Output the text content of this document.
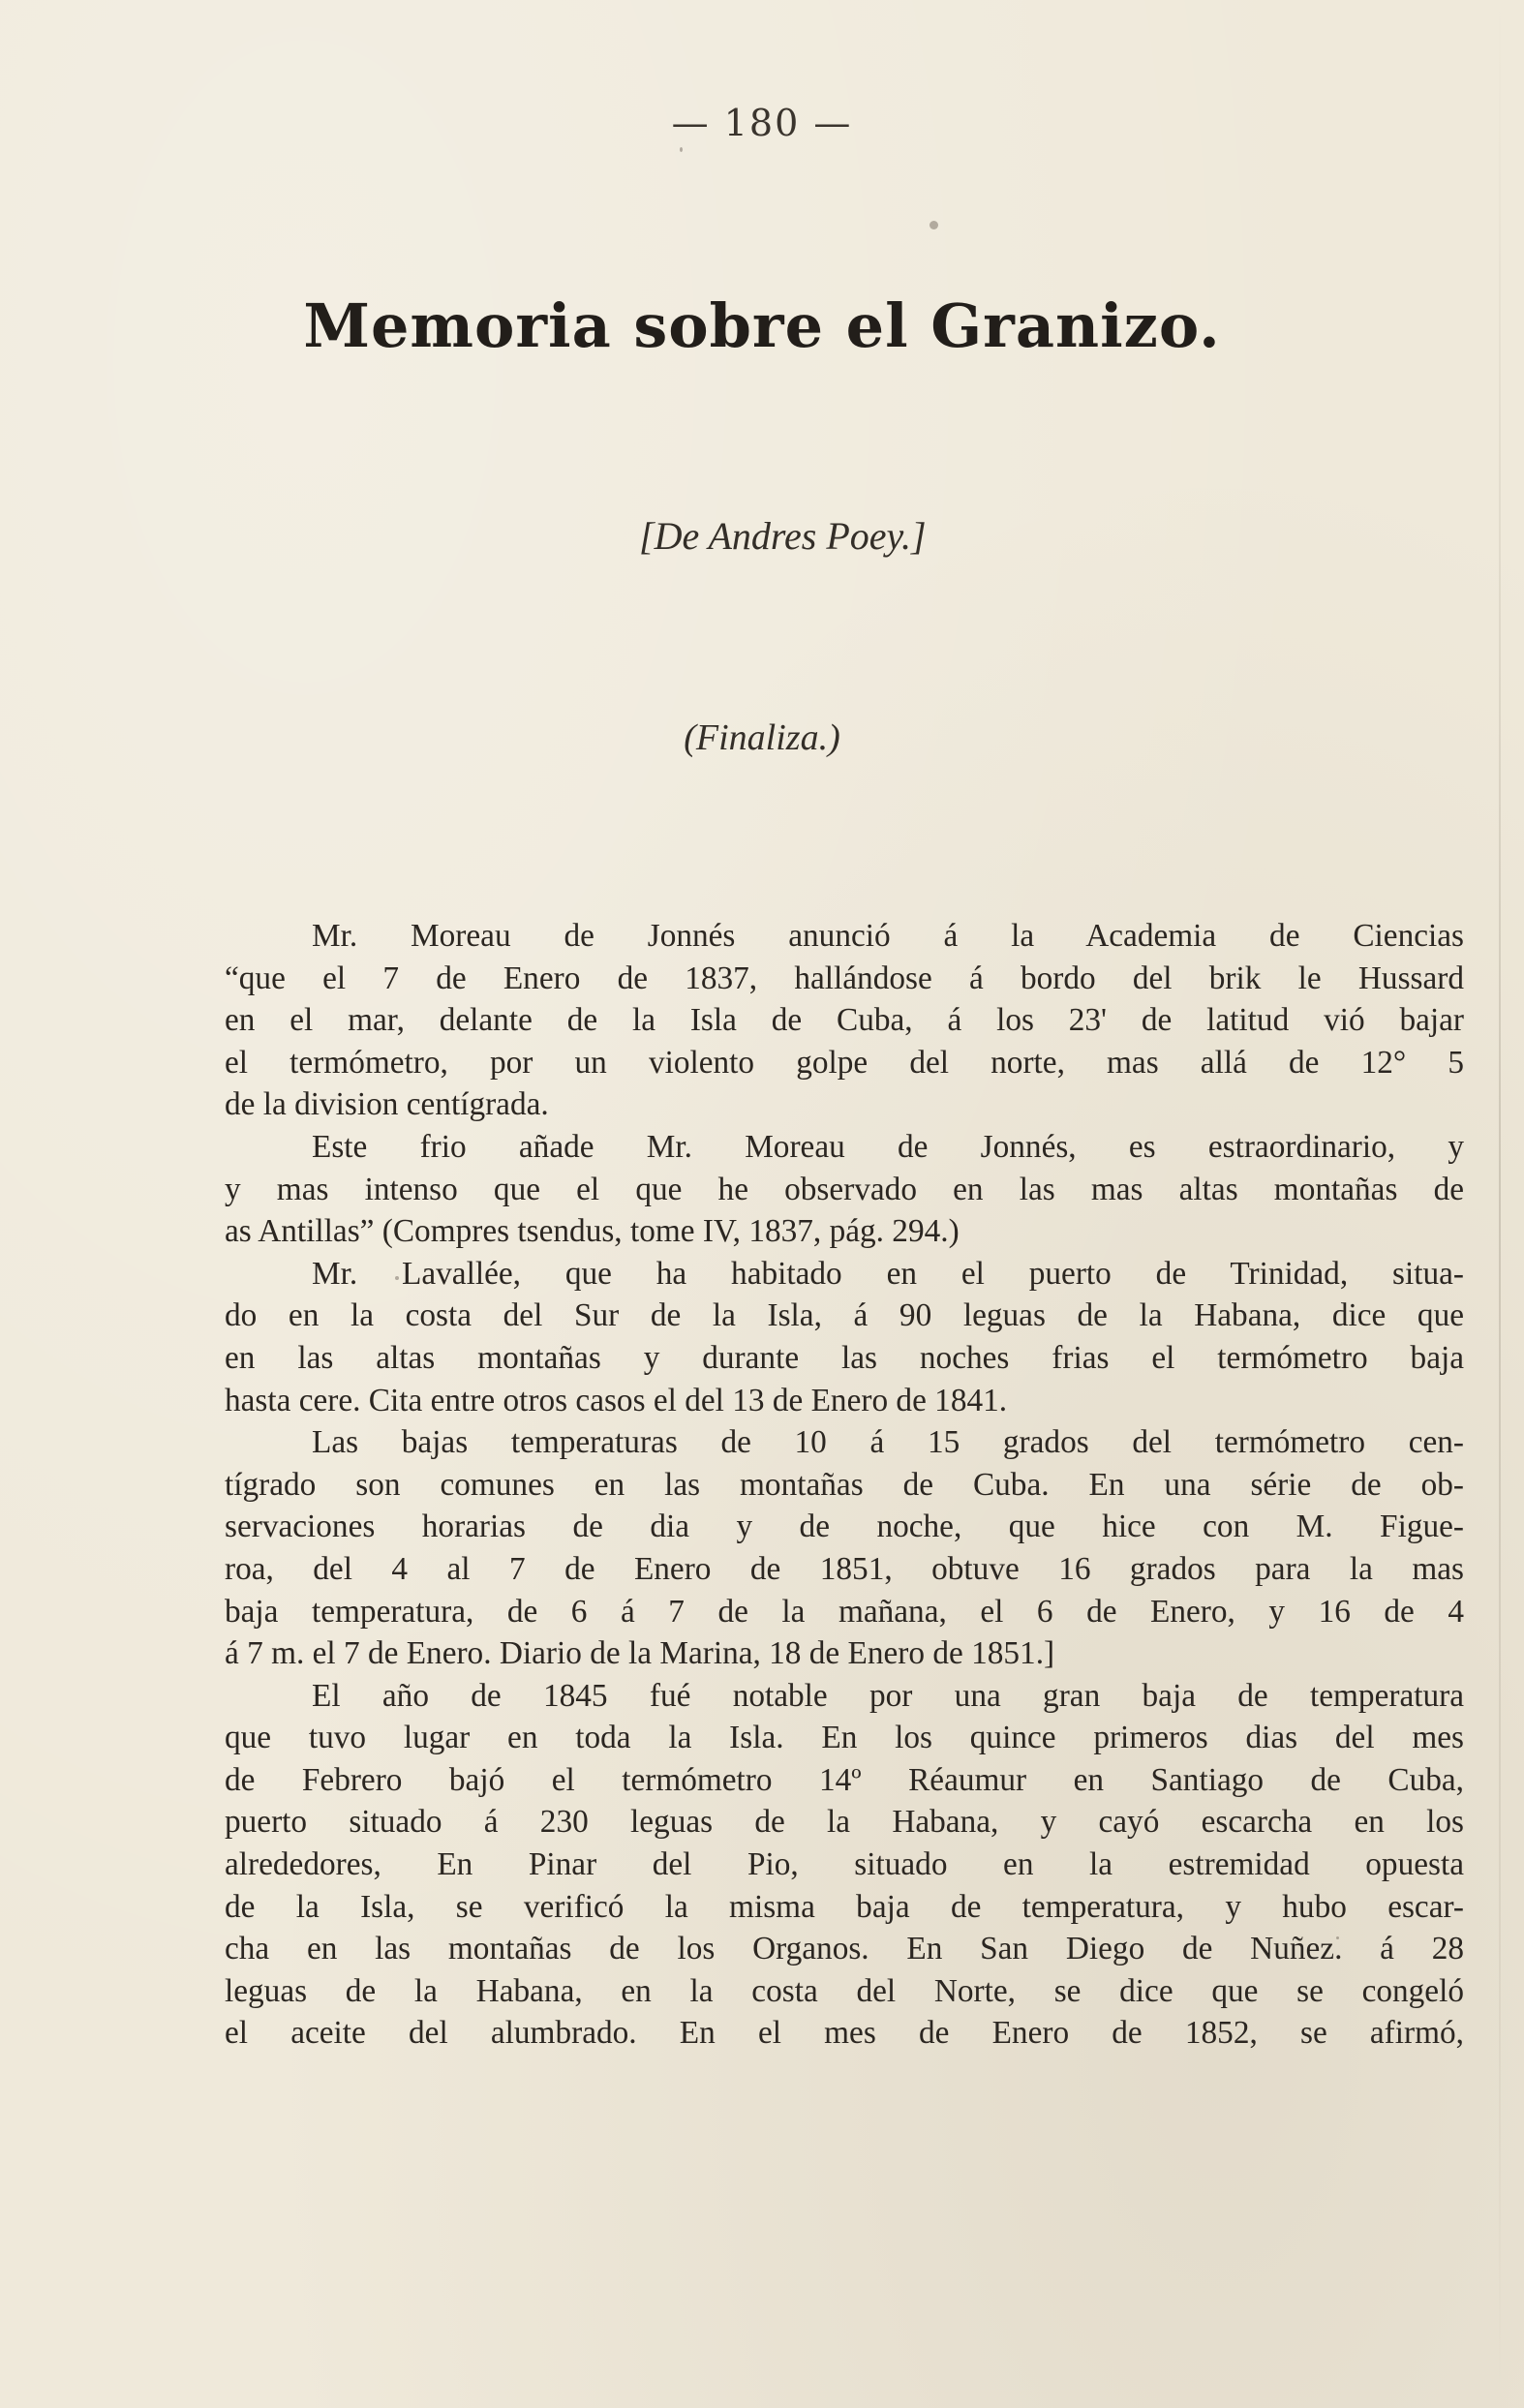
— 180 —
Memoria sobre el Granizo.
[De Andres Poey.]
(Finaliza.)
Mr. Moreau de Jonnés anunció á la Academia de Ciencias
“que el 7 de Enero de 1837, hallándose á bordo del brik le Hussard
en el mar, delante de la Isla de Cuba, á los 23' de latitud vió bajar
el termómetro, por un violento golpe del norte, mas allá de 12° 5
de la division centígrada.
Este frio añade Mr. Moreau de Jonnés, es estraordinario, y
y mas intenso que el que he observado en las mas altas montañas de
as Antillas” (Compres tsendus, tome IV, 1837, pág. 294.)
Mr. Lavallée, que ha habitado en el puerto de Trinidad, situa-
do en la costa del Sur de la Isla, á 90 leguas de la Habana, dice que
en las altas montañas y durante las noches frias el termómetro baja
hasta cere. Cita entre otros casos el del 13 de Enero de 1841.
Las bajas temperaturas de 10 á 15 grados del termómetro cen-
tígrado son comunes en las montañas de Cuba. En una série de ob-
servaciones horarias de dia y de noche, que hice con M. Figue-
roa, del 4 al 7 de Enero de 1851, obtuve 16 grados para la mas
baja temperatura, de 6 á 7 de la mañana, el 6 de Enero, y 16 de 4
á 7 m. el 7 de Enero. Diario de la Marina, 18 de Enero de 1851.]
El año de 1845 fué notable por una gran baja de temperatura
que tuvo lugar en toda la Isla. En los quince primeros dias del mes
de Febrero bajó el termómetro 14º Réaumur en Santiago de Cuba,
puerto situado á 230 leguas de la Habana, y cayó escarcha en los
alrededores, En Pinar del Pio, situado en la estremidad opuesta
de la Isla, se verificó la misma baja de temperatura, y hubo escar-
cha en las montañas de los Organos. En San Diego de Nuñez. á 28
leguas de la Habana, en la costa del Norte, se dice que se congeló
el aceite del alumbrado. En el mes de Enero de 1852, se afirmó,
